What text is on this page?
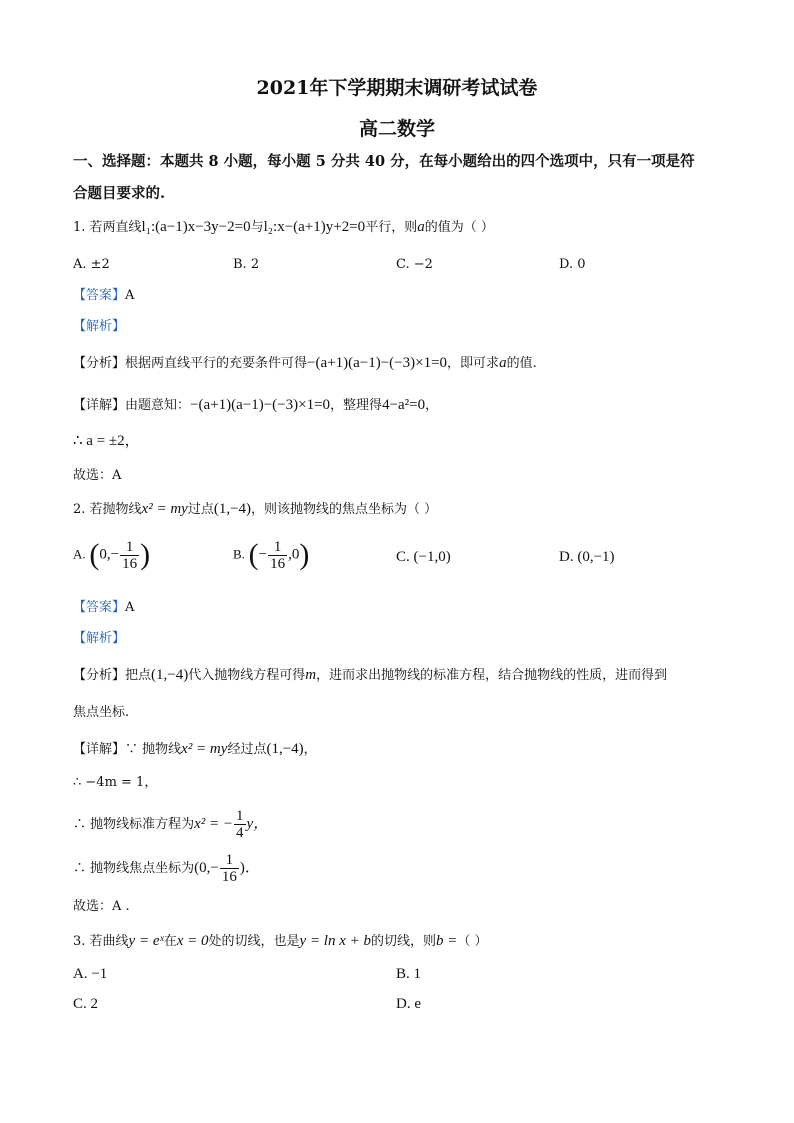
2021年下学期期末调研考试试卷
高二数学
一、选择题：本题共 8 小题，每小题 5 分共 40 分，在每小题给出的四个选项中，只有一项是符
合题目要求的.
1. 若两直线l₁:(a−1)x−3y−2=0与l₂:x−(a+1)y+2=0平行，则a的值为（ ）
A. ±2	B. 2	C. −2	D. 0
【答案】A
【解析】
【分析】根据两直线平行的充要条件可得−(a+1)(a−1)−(−3)×1=0，即可求a的值.
【详解】由题意知：−(a+1)(a−1)−(−3)×1=0，整理得4−a²=0，
∴ a = ±2，
故选：A
2. 若抛物线x² = my过点(1,−4)，则该抛物线的焦点坐标为（ ）
A. ($0,- \frac{1}{16}$ )	B. (− $\frac{1}{16} ,0$)	C. (−1,0)	D. (0,−1)
【答案】A
【解析】
【分析】把点(1,−4)代入抛物线方程可得m，进而求出抛物线的标准方程，结合抛物线的性质，进而得到
焦点坐标.
【详解】∵ 抛物线x² = my经过点(1,−4)，
∴ −4m = 1，
∴ 抛物线标准方程为x² = − $\frac{1}{4}$ y，
∴ 抛物线焦点坐标为($0,- \frac{1}{16}$ )．
故选：A .
3. 若曲线y = eˣ在x = 0处的切线，也是y = ln x + b的切线，则b =（ ）
A. −1	B. 1
C. 2	D. e
